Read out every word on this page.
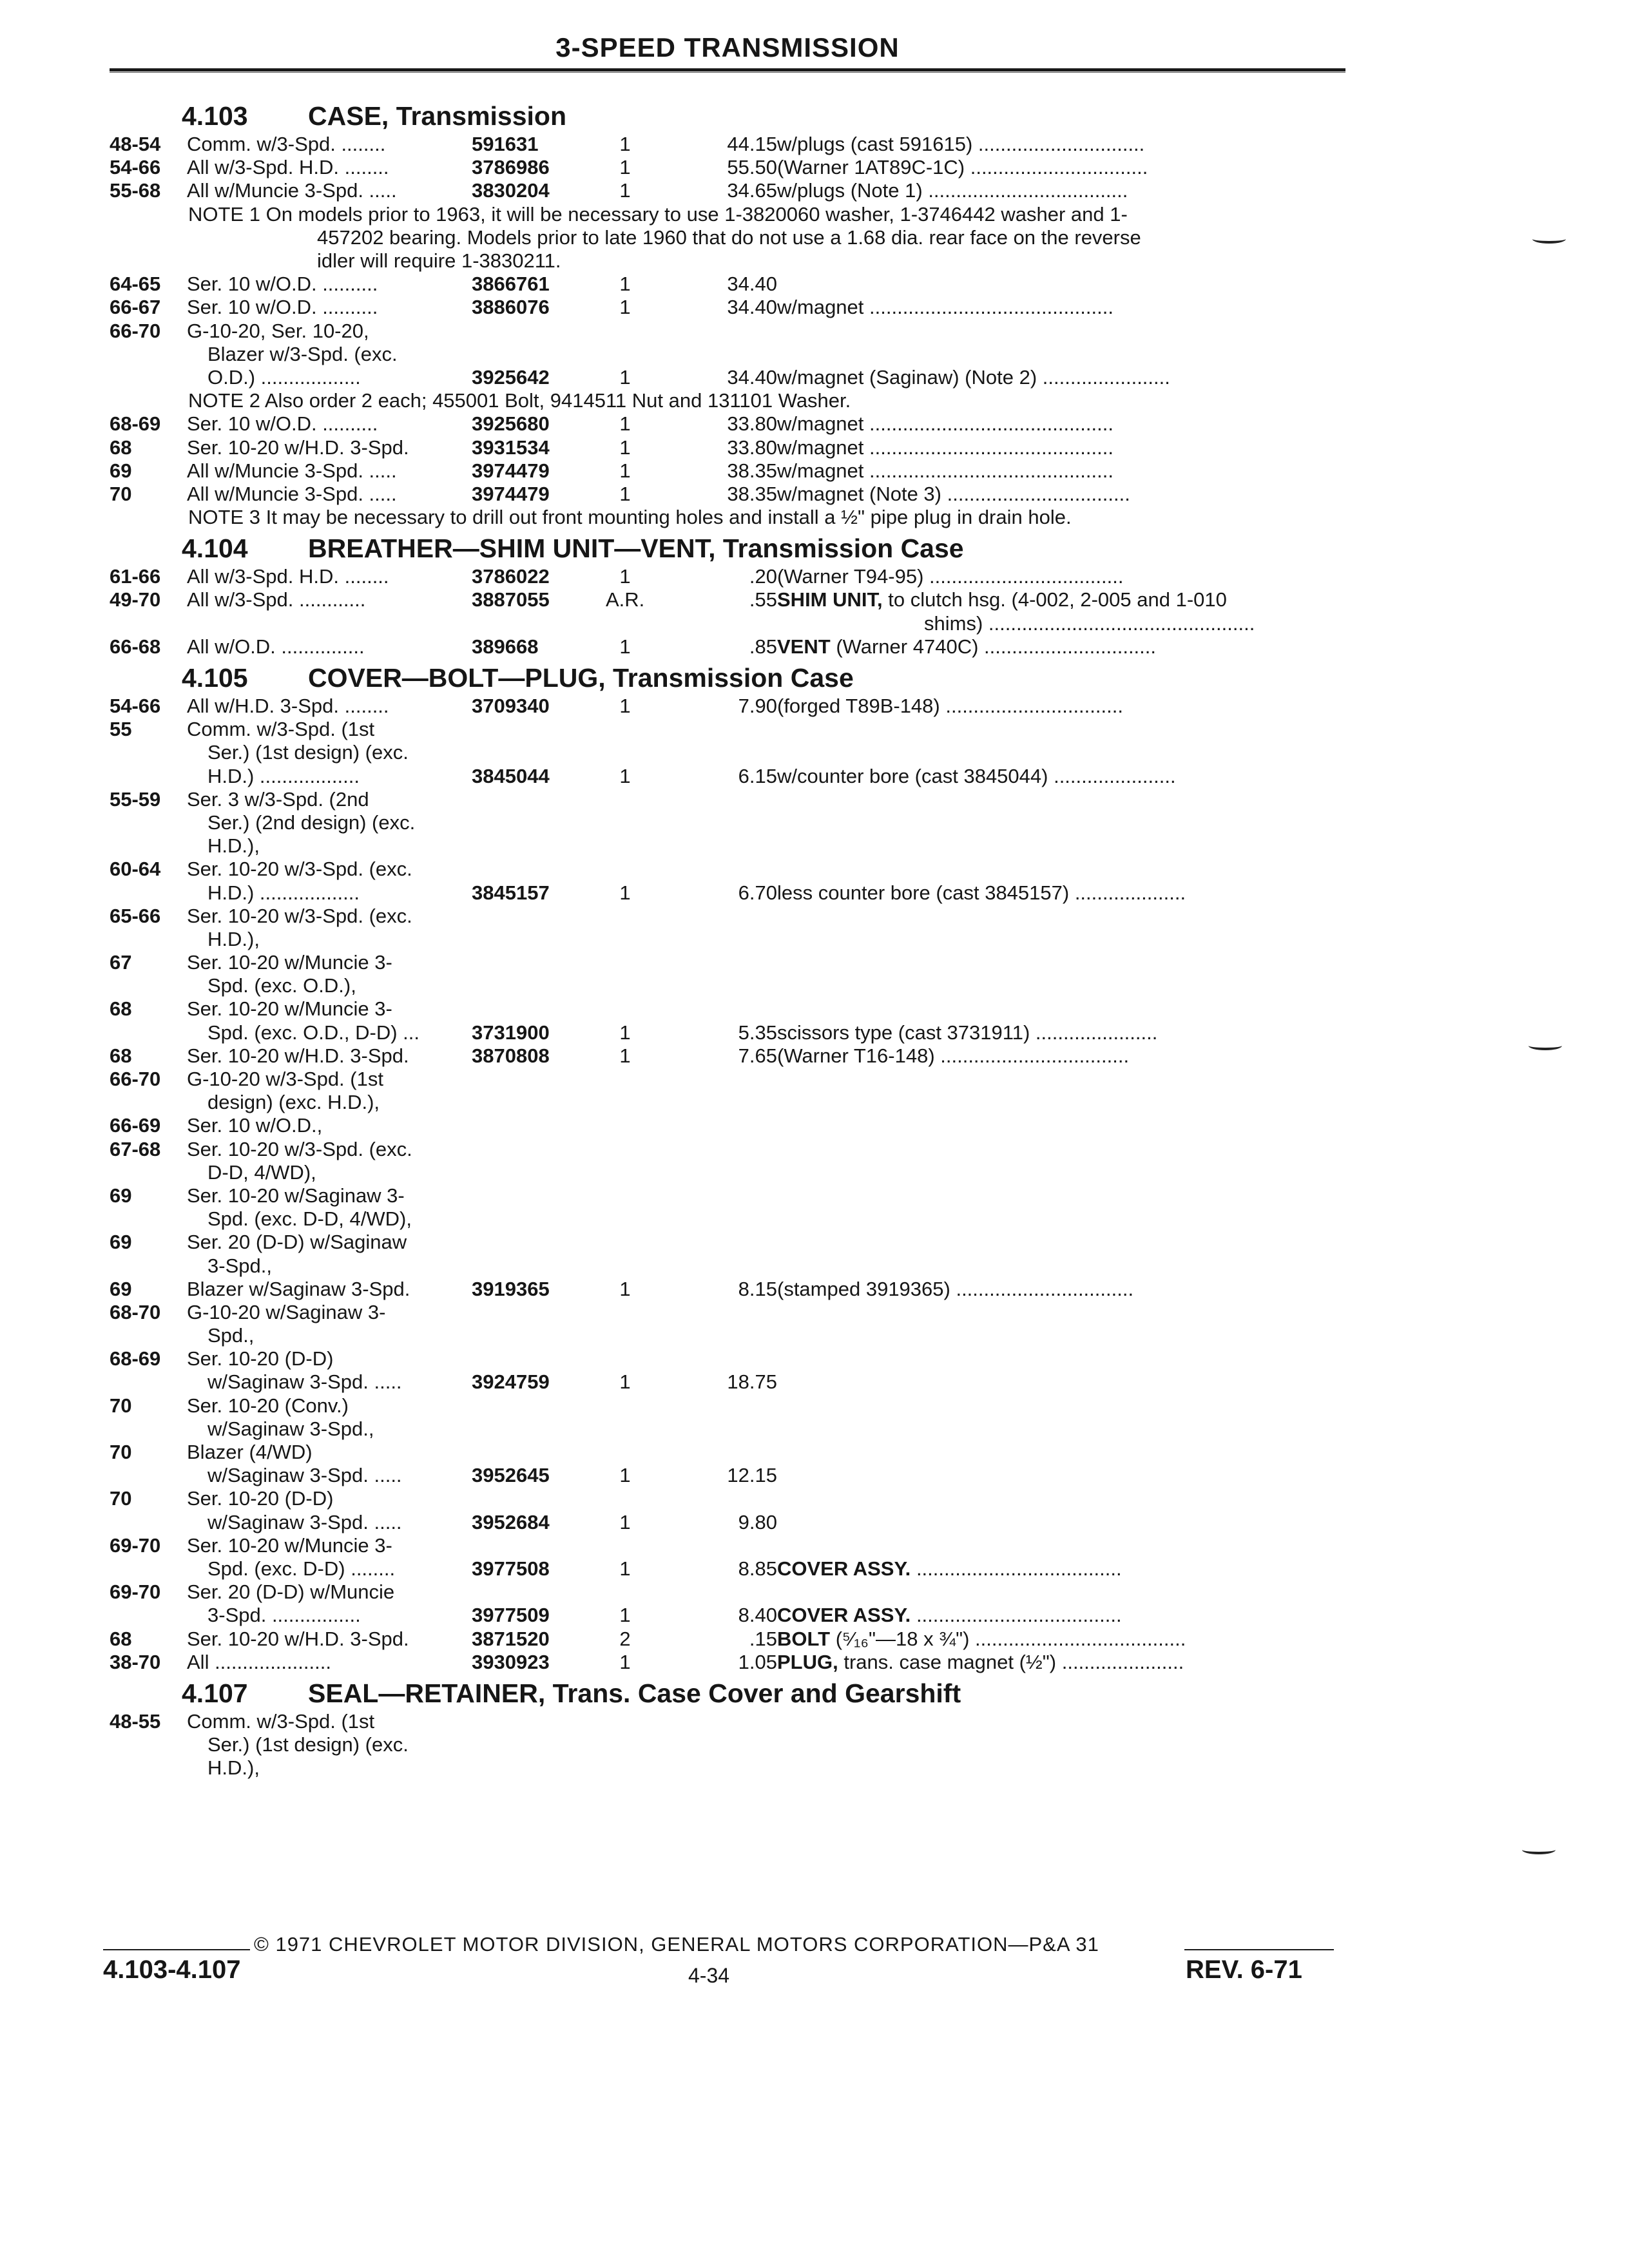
3-SPEED TRANSMISSION
4.103 CASE, Transmission
48-54 Comm. w/3-Spd. ........	591631	1	44.15 w/plugs (cast 591615) ..............................
54-66 All w/3-Spd. H.D. ........	3786986	1	55.50 (Warner 1AT89C-1C) ................................
55-68 All w/Muncie 3-Spd. .....	3830204	1	34.65 w/plugs (Note 1) ....................................
NOTE 1 On models prior to 1963, it will be necessary to use 1-3820060 washer, 1-3746442 washer and 1-
457202 bearing. Models prior to late 1960 that do not use a 1.68 dia. rear face on the reverse
idler will require 1-3830211.
64-65 Ser. 10 w/O.D. ..........	3866761	1	34.40
66-67 Ser. 10 w/O.D. ..........	3886076	1	34.40 w/magnet ............................................
66-70 G-10-20, Ser. 10-20,
Blazer w/3-Spd. (exc.
O.D.) ..................	3925642	1	34.40 w/magnet (Saginaw) (Note 2) .......................
NOTE 2 Also order 2 each; 455001 Bolt, 9414511 Nut and 131101 Washer.
68-69 Ser. 10 w/O.D. ..........	3925680	1	33.80 w/magnet ............................................
68	Ser. 10-20 w/H.D. 3-Spd.	3931534	1	33.80 w/magnet ............................................
69	All w/Muncie 3-Spd. .....	3974479	1	38.35 w/magnet ............................................
70	All w/Muncie 3-Spd. .....	3974479	1	38.35 w/magnet (Note 3) .................................
NOTE 3 It may be necessary to drill out front mounting holes and install a ½" pipe plug in drain hole.
4.104 BREATHER—SHIM UNIT—VENT, Transmission Case
61-66 All w/3-Spd. H.D. ........	3786022	1	.20 (Warner T94-95) ...................................
49-70 All w/3-Spd. ............	3887055	A.R.	.55 SHIM UNIT, to clutch hsg. (4-002, 2-005 and 1-010
shims) ................................................
66-68 All w/O.D. ...............	389668	1	.85 VENT (Warner 4740C) ...............................
4.105 COVER—BOLT—PLUG, Transmission Case
54-66 All w/H.D. 3-Spd. ........	3709340	1	7.90 (forged T89B-148) ................................
55	Comm. w/3-Spd. (1st
Ser.) (1st design) (exc.
H.D.) ..................	3845044	1	6.15 w/counter bore (cast 3845044) ......................
55-59 Ser. 3 w/3-Spd. (2nd
Ser.) (2nd design) (exc.
H.D.),
60-64 Ser. 10-20 w/3-Spd. (exc.
H.D.) ..................	3845157	1	6.70 less counter bore (cast 3845157) ....................
65-66 Ser. 10-20 w/3-Spd. (exc.
H.D.),
67	Ser. 10-20 w/Muncie 3-
Spd. (exc. O.D.),
68	Ser. 10-20 w/Muncie 3-
Spd. (exc. O.D., D-D) ...	3731900	1	5.35 scissors type (cast 3731911) ......................
68	Ser. 10-20 w/H.D. 3-Spd.	3870808	1	7.65 (Warner T16-148) ..................................
66-70 G-10-20 w/3-Spd. (1st
design) (exc. H.D.),
66-69 Ser. 10 w/O.D.,
67-68 Ser. 10-20 w/3-Spd. (exc.
D-D, 4/WD),
69	Ser. 10-20 w/Saginaw 3-
Spd. (exc. D-D, 4/WD),
69	Ser. 20 (D-D) w/Saginaw
3-Spd.,
69	Blazer w/Saginaw 3-Spd.	3919365	1	8.15 (stamped 3919365) ................................
68-70 G-10-20 w/Saginaw 3-
Spd.,
68-69 Ser. 10-20 (D-D)
w/Saginaw 3-Spd. .....	3924759	1	18.75
70	Ser. 10-20 (Conv.)
w/Saginaw 3-Spd.,
70	Blazer (4/WD)
w/Saginaw 3-Spd. .....	3952645	1	12.15
70	Ser. 10-20 (D-D)
w/Saginaw 3-Spd. .....	3952684	1	9.80
69-70 Ser. 10-20 w/Muncie 3-
Spd. (exc. D-D) ........	3977508	1	8.85 COVER ASSY. .....................................
69-70 Ser. 20 (D-D) w/Muncie
3-Spd. ................	3977509	1	8.40 COVER ASSY. .....................................
68	Ser. 10-20 w/H.D. 3-Spd.	3871520	2	.15 BOLT (⁵⁄₁₆"—18 x ¾") ......................................
38-70 All .....................	3930923	1	1.05 PLUG, trans. case magnet (½") ......................
4.107 SEAL—RETAINER, Trans. Case Cover and Gearshift
48-55 Comm. w/3-Spd. (1st
Ser.) (1st design) (exc.
H.D.),
© 1971 CHEVROLET MOTOR DIVISION, GENERAL MOTORS CORPORATION—P&A 31
4.103-4.107	4-34	REV. 6-71
